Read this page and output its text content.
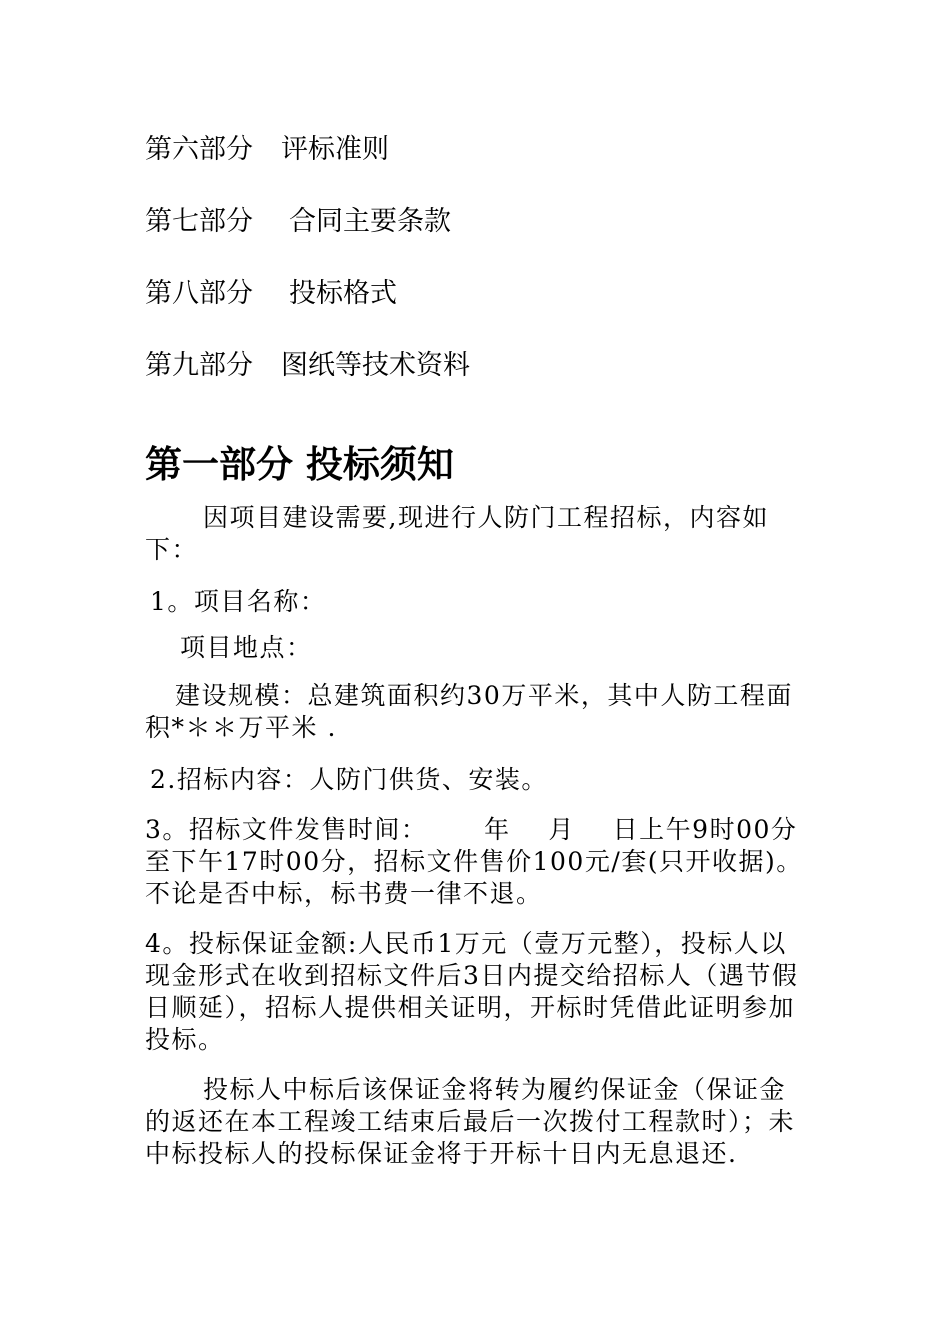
第六部分 评标准则
第七部分 合同主要条款
第八部分 投标格式
第九部分 图纸等技术资料
第一部分 投标须知
因项目建设需要,现进行人防门工程招标，内容如下：
1。项目名称：
项目地点：
建设规模：总建筑面积约30万平米，其中人防工程面积*＊＊万平米 .
2.招标内容：人防门供货、安装。
3。招标文件发售时间：      年    月    日上午9时00分至下午17时00分，招标文件售价100元/套(只开收据)。不论是否中标，标书费一律不退。
4。投标保证金额:人民币1万元（壹万元整），投标人以现金形式在收到招标文件后3日内提交给招标人（遇节假日顺延），招标人提供相关证明，开标时凭借此证明参加投标。
投标人中标后该保证金将转为履约保证金（保证金的返还在本工程竣工结束后最后一次拨付工程款时）；未中标投标人的投标保证金将于开标十日内无息退还.
